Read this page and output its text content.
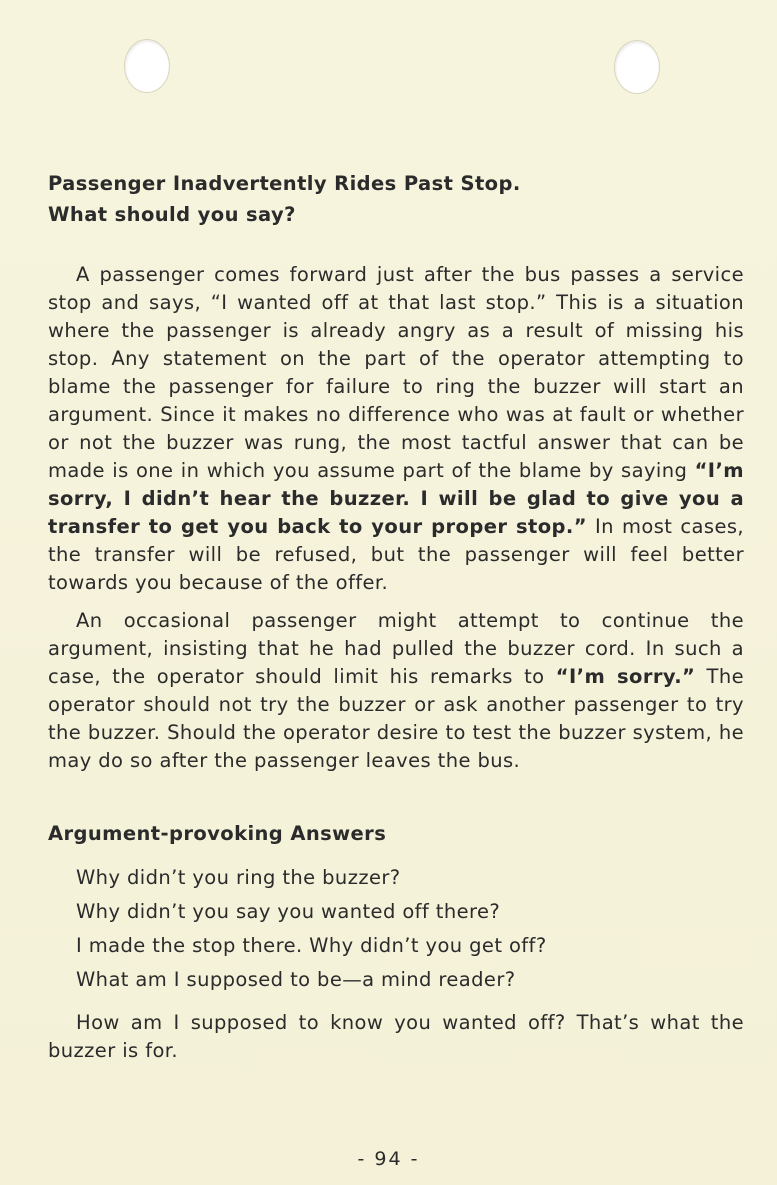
Passenger Inadvertently Rides Past Stop.

What should you say?

A passenger comes forward just after the bus passes a service stop and says, “I wanted off at that last stop.” This is a situation where the passenger is already angry as a result of missing his stop. Any statement on the part of the operator attempting to blame the passenger for failure to ring the buzzer will start an argument. Since it makes no difference who was at fault or whether or not the buzzer was rung, the most tactful answer that can be made is one in which you assume part of the blame by saying “I’m sorry, I didn’t hear the buzzer. I will be glad to give you a transfer to get you back to your proper stop.” In most cases, the transfer will be refused, but the passenger will feel better towards you because of the offer.

An occasional passenger might attempt to continue the argument, insisting that he had pulled the buzzer cord. In such a case, the operator should limit his remarks to “I’m sorry.” The operator should not try the buzzer or ask another passenger to try the buzzer. Should the operator desire to test the buzzer system, he may do so after the passenger leaves the bus.

Argument-provoking Answers

Why didn’t you ring the buzzer?
Why didn’t you say you wanted off there?
I made the stop there. Why didn’t you get off?
What am I supposed to be—a mind reader?

How am I supposed to know you wanted off? That’s what the buzzer is for.

- 94 -
